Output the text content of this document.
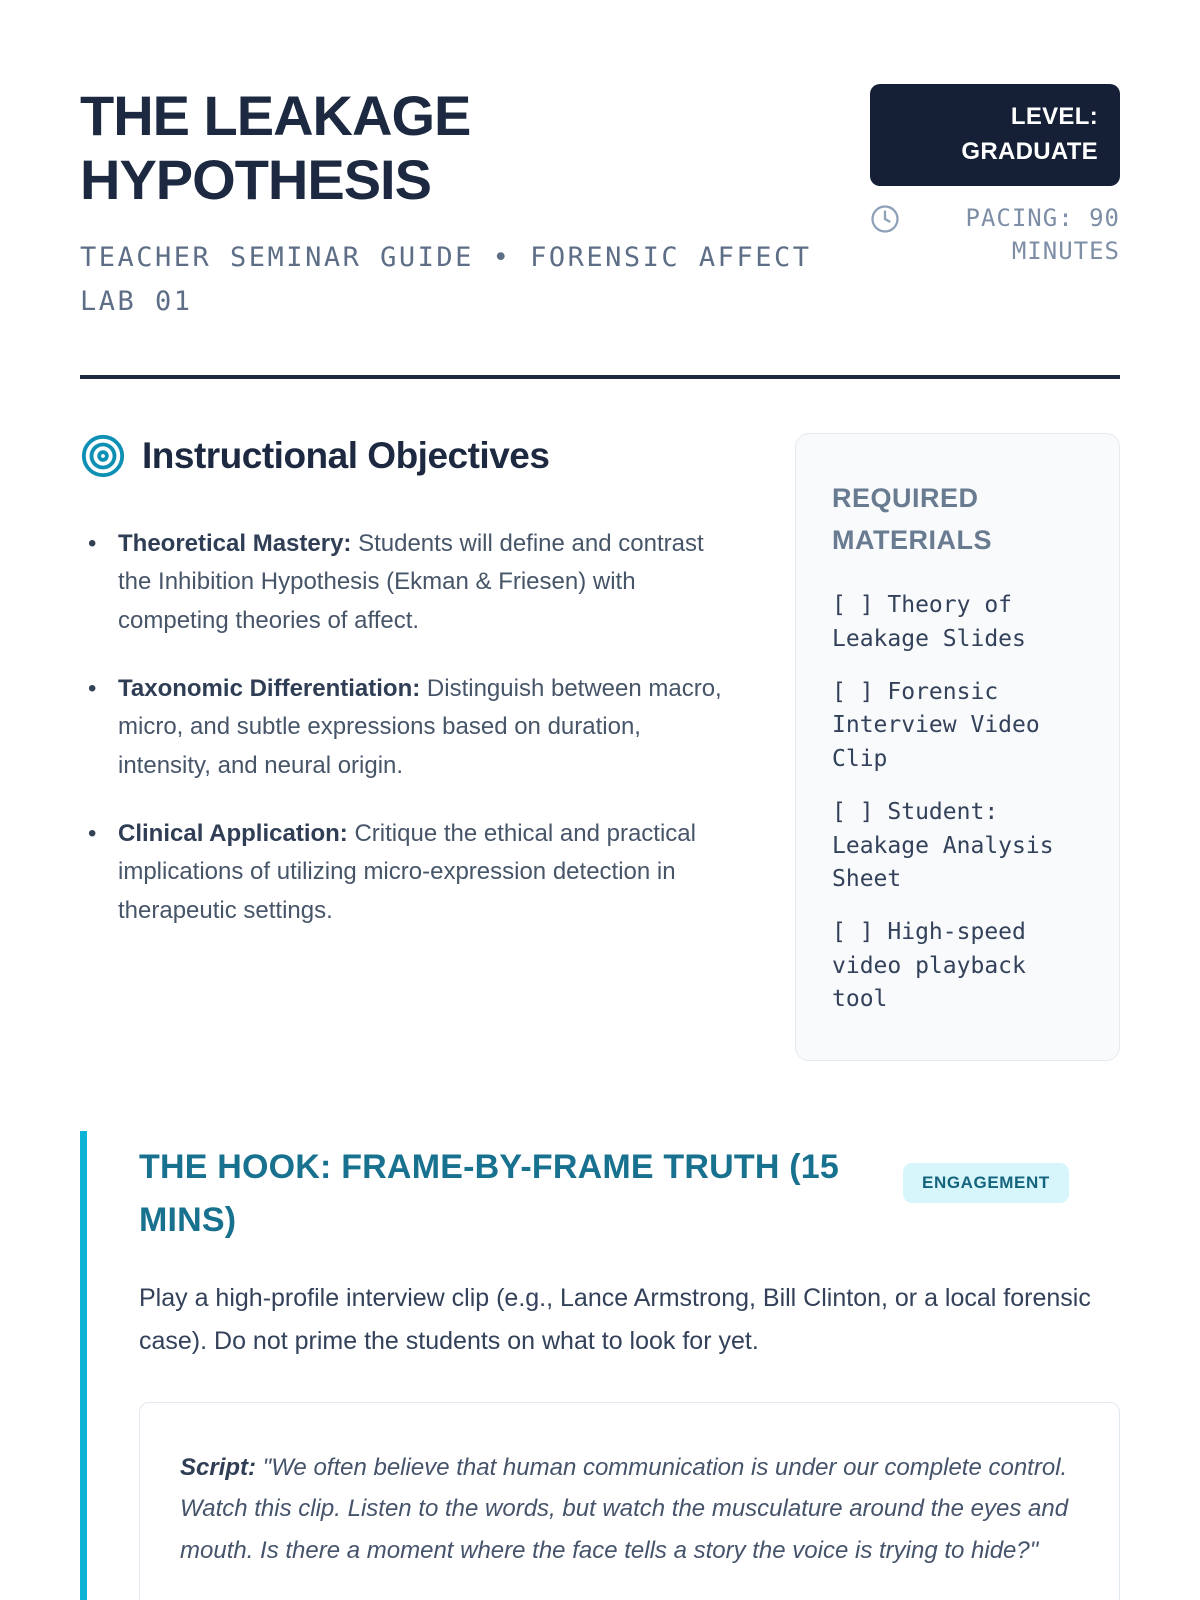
THE LEAKAGE HYPOTHESIS
TEACHER SEMINAR GUIDE • FORENSIC AFFECT LAB 01
LEVEL: GRADUATE
PACING: 90 MINUTES
Instructional Objectives
• Theoretical Mastery: Students will define and contrast the Inhibition Hypothesis (Ekman & Friesen) with competing theories of affect.
• Taxonomic Differentiation: Distinguish between macro, micro, and subtle expressions based on duration, intensity, and neural origin.
• Clinical Application: Critique the ethical and practical implications of utilizing micro-expression detection in therapeutic settings.
REQUIRED MATERIALS
[ ] Theory of Leakage Slides
[ ] Forensic Interview Video Clip
[ ] Student: Leakage Analysis Sheet
[ ] High-speed video playback tool
THE HOOK: FRAME-BY-FRAME TRUTH (15 MINS)
ENGAGEMENT

Play a high-profile interview clip (e.g., Lance Armstrong, Bill Clinton, or a local forensic case). Do not prime the students on what to look for yet.

Script: "We often believe that human communication is under our complete control. Watch this clip. Listen to the words, but watch the musculature around the eyes and mouth. Is there a moment where the face tells a story the voice is trying to hide?"
